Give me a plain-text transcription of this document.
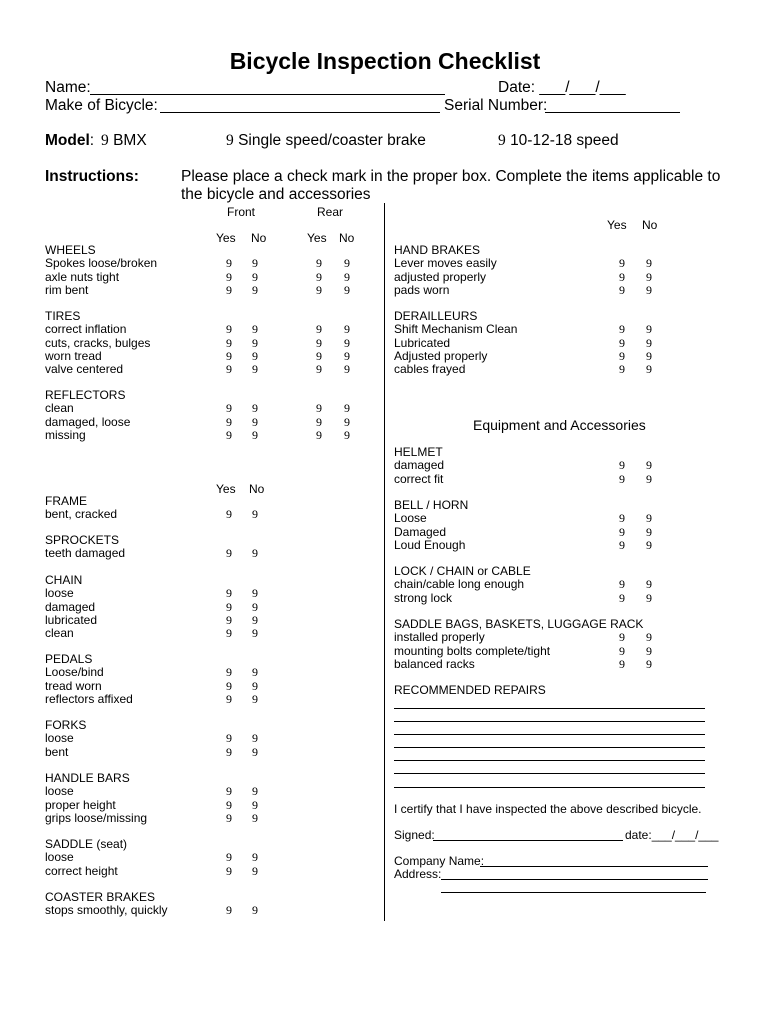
Bicycle Inspection Checklist
Name:	Date: ___/___/___
Make of Bicycle:	Serial Number:
Model: 9 BMX	9 Single speed/coaster brake	9 10-12-18 speed
Instructions:	Please place a check mark in the proper box. Complete the items applicable to
the bicycle and accessories
Front	Rear
Yes No	Yes No
Yes No
Yes No
WHEELS
Spokes loose/broken	9 9	9 9
axle nuts tight	9 9	9 9
rim bent	9 9	9 9
TIRES
correct inflation	9 9	9 9
cuts, cracks, bulges	9 9	9 9
worn tread	9 9	9 9
valve centered	9 9	9 9
REFLECTORS
clean	9 9	9 9
damaged, loose	9 9	9 9
missing	9 9	9 9
FRAME
bent, cracked	9 9
SPROCKETS
teeth damaged	9 9
CHAIN
loose	9 9
damaged	9 9
lubricated	9 9
clean	9 9
PEDALS
Loose/bind	9 9
tread worn	9 9
reflectors affixed	9 9
FORKS
loose	9 9
bent	9 9
HANDLE BARS
loose	9 9
proper height	9 9
grips loose/missing	9 9
SADDLE (seat)
loose	9 9
correct height	9 9
COASTER BRAKES
stops smoothly, quickly	9 9
HAND BRAKES
Lever moves easily	9 9
adjusted properly	9 9
pads worn	9 9
DERAILLEURS
Shift Mechanism Clean	9 9
Lubricated	9 9
Adjusted properly	9 9
cables frayed	9 9
Equipment and Accessories
HELMET
damaged	9 9
correct fit	9 9
BELL / HORN
Loose	9 9
Damaged	9 9
Loud Enough	9 9
LOCK / CHAIN or CABLE
chain/cable long enough	9 9
strong lock	9 9
SADDLE BAGS, BASKETS, LUGGAGE RACK
installed properly	9 9
mounting bolts complete/tight	9 9
balanced racks	9 9
RECOMMENDED REPAIRS
I certify that I have inspected the above described bicycle.
Signed:	date:___/___/___
Company Name:
Address:
